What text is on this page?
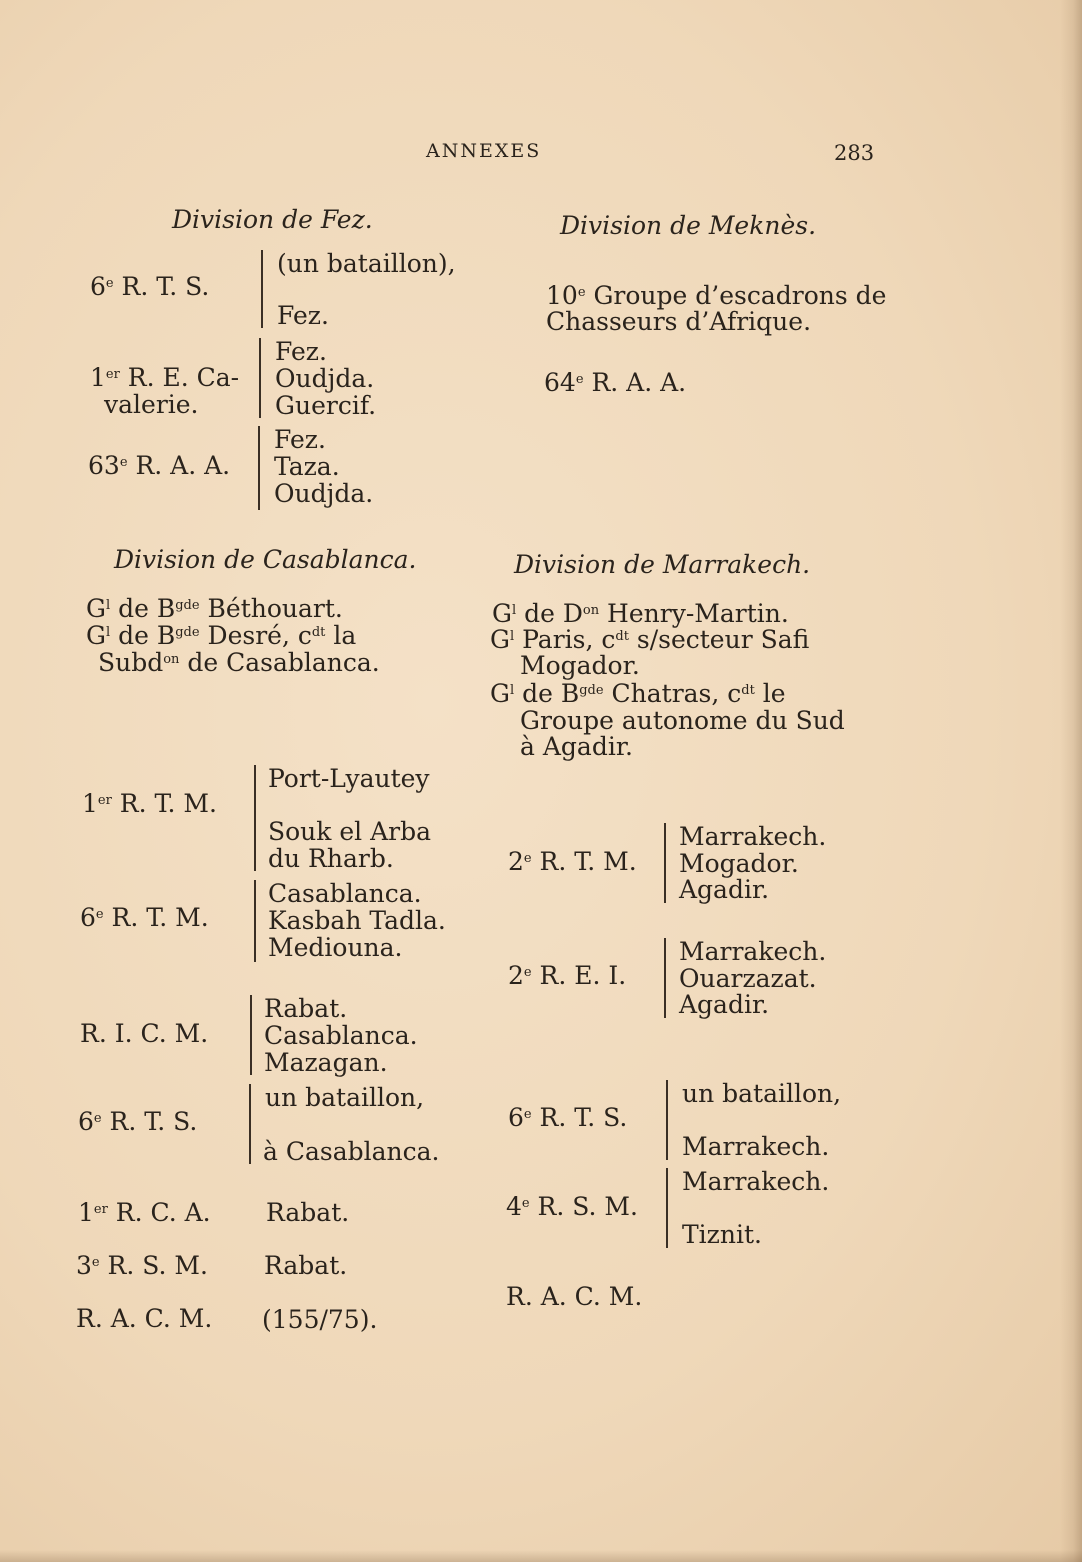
ANNEXES	283
Division de Fez.
6e R. T. S.
(un bataillon),
Fez.
1er R. E. Ca-
valerie.
Fez.
Oudjda.
Guercif.
63e R. A. A.
Fez.
Taza.
Oudjda.
Division de Meknès.
10e Groupe d’escadrons de
Chasseurs d’Afrique.
64e R. A. A.
Division de Casablanca.
$G^l$ de $B^{gde}$ Béthouart.
$G^l$ de $B^{gde}$ Desré, $c^{dt}$ la
Subd$^{on}$ de Casablanca.
1er R. T. M.
Port-Lyautey
Souk el Arba
du Rharb.
6e R. T. M.
Casablanca.
Kasbah Tadla.
Mediouna.
R. I. C. M.
Rabat.
Casablanca.
Mazagan.
6e R. T. S.
un bataillon,
à Casablanca.
1er R. C. A. Rabat.
3e R. S. M. Rabat.
R. A. C. M. (155/75).
Division de Marrakech.
$G^l$ de $D^{on}$ Henry-Martin.
$G^l$ Paris, $c^{dt}$ s/secteur Safi
Mogador.
$G^l$ de $B^{gde}$ Chatras, $c^{dt}$ le
Groupe autonome du Sud
à Agadir.
2e R. T. M.
Marrakech.
Mogador.
Agadir.
2e R. E. I.
Marrakech.
Ouarzazat.
Agadir.
6e R. T. S.
un bataillon,
Marrakech.
4e R. S. M.
Marrakech.
Tiznit.
R. A. C. M.
